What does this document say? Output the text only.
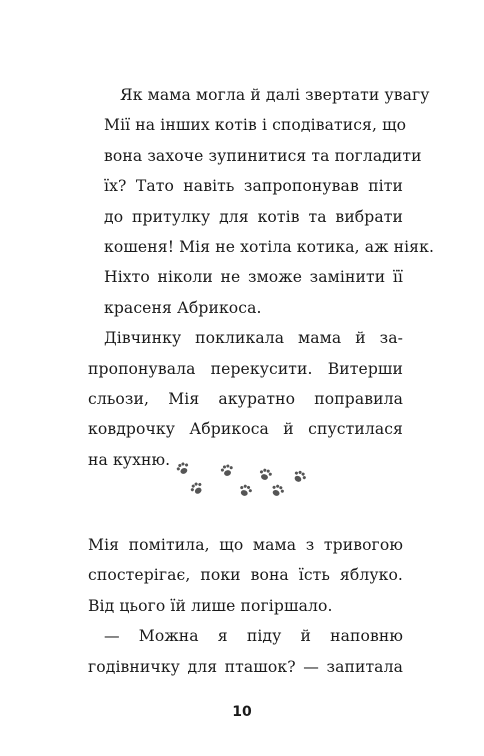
Як мама могла й далі звертати увагу
Мії на інших котів і сподіватися, що
вона захоче зупинитися та погладити
їх? Тато навіть запропонував піти
до притулку для котів та вибрати
кошеня! Мія не хотіла котика, аж ніяк.
Ніхто ніколи не зможе замінити її
красеня Абрикоса.

Дівчинку покликала мама й за-
пропонувала перекусити. Витерши
сльози, Мія акуратно поправила
ковдрочку Абрикоса й спустилася
на кухню.

Мія помітила, що мама з тривогою
спостерігає, поки вона їсть яблуко.
Від цього їй лише погіршало.

— Можна я піду й наповню
годівничку для пташок? — запитала

10
